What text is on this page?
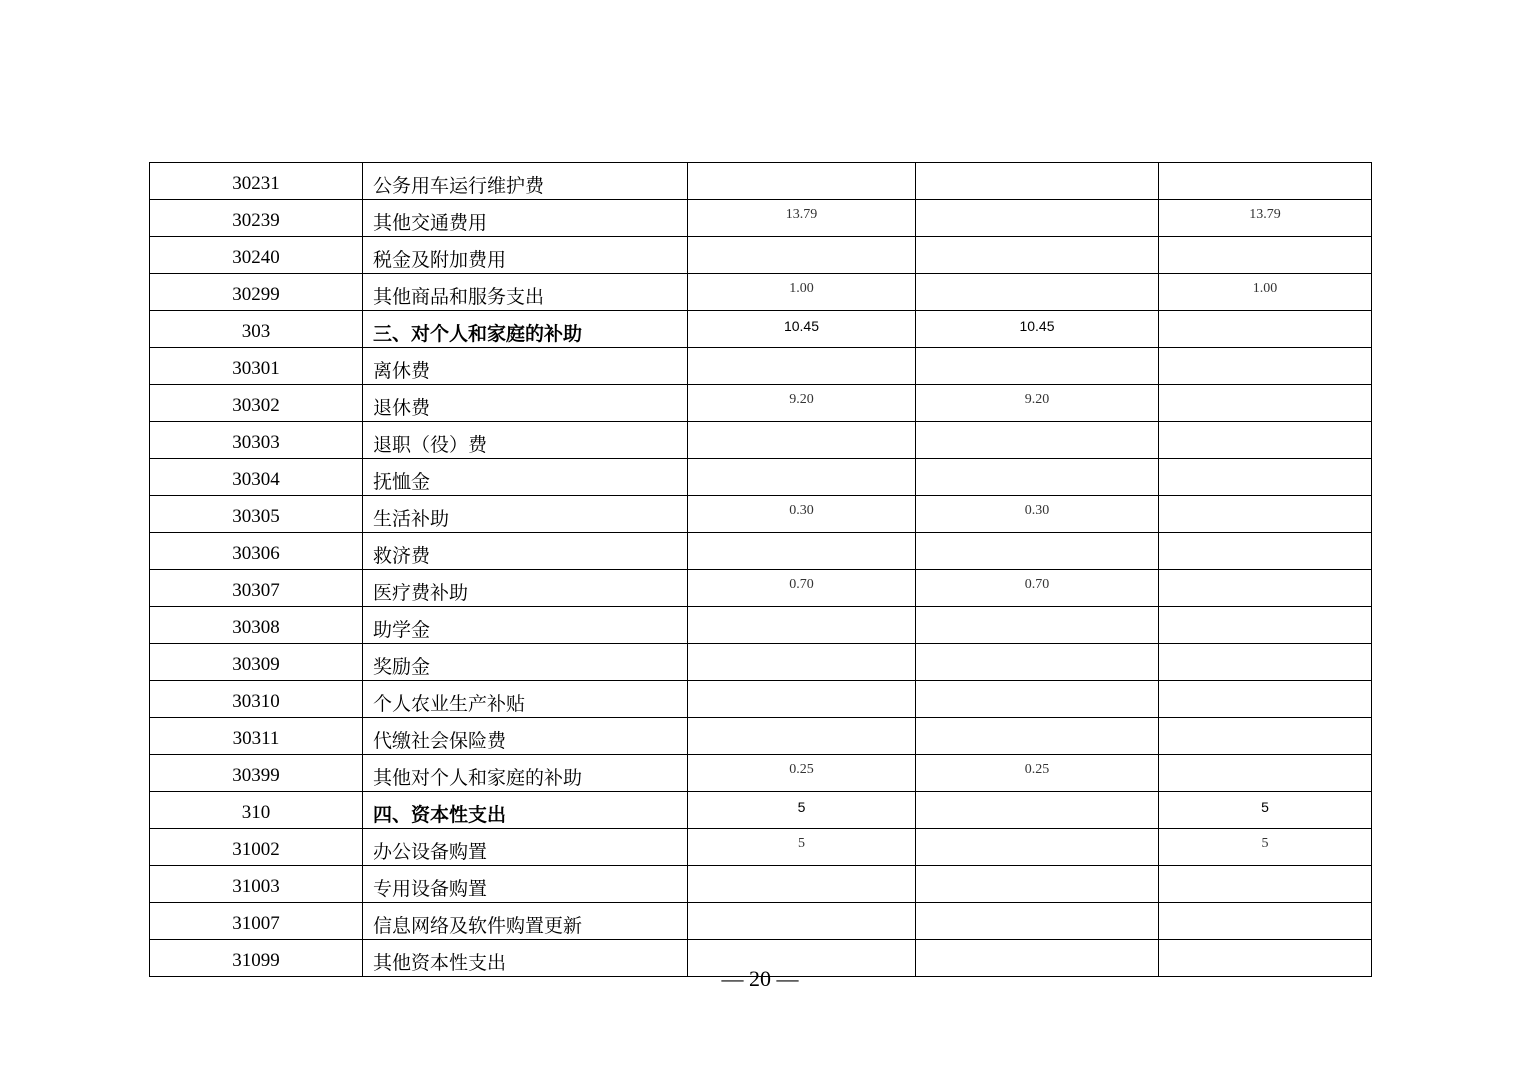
30231	公务用车运行维护费			
30239	其他交通费用	13.79		13.79
30240	税金及附加费用			
30299	其他商品和服务支出	1.00		1.00
303	三、对个人和家庭的补助	10.45	10.45	
30301	离休费			
30302	退休费	9.20	9.20	
30303	退职（役）费			
30304	抚恤金			
30305	生活补助	0.30	0.30	
30306	救济费			
30307	医疗费补助	0.70	0.70	
30308	助学金			
30309	奖励金			
30310	个人农业生产补贴			
30311	代缴社会保险费			
30399	其他对个人和家庭的补助	0.25	0.25	
310	四、资本性支出	5		5
31002	办公设备购置	5		5
31003	专用设备购置			
31007	信息网络及软件购置更新			
31099	其他资本性支出			
— 20 —
